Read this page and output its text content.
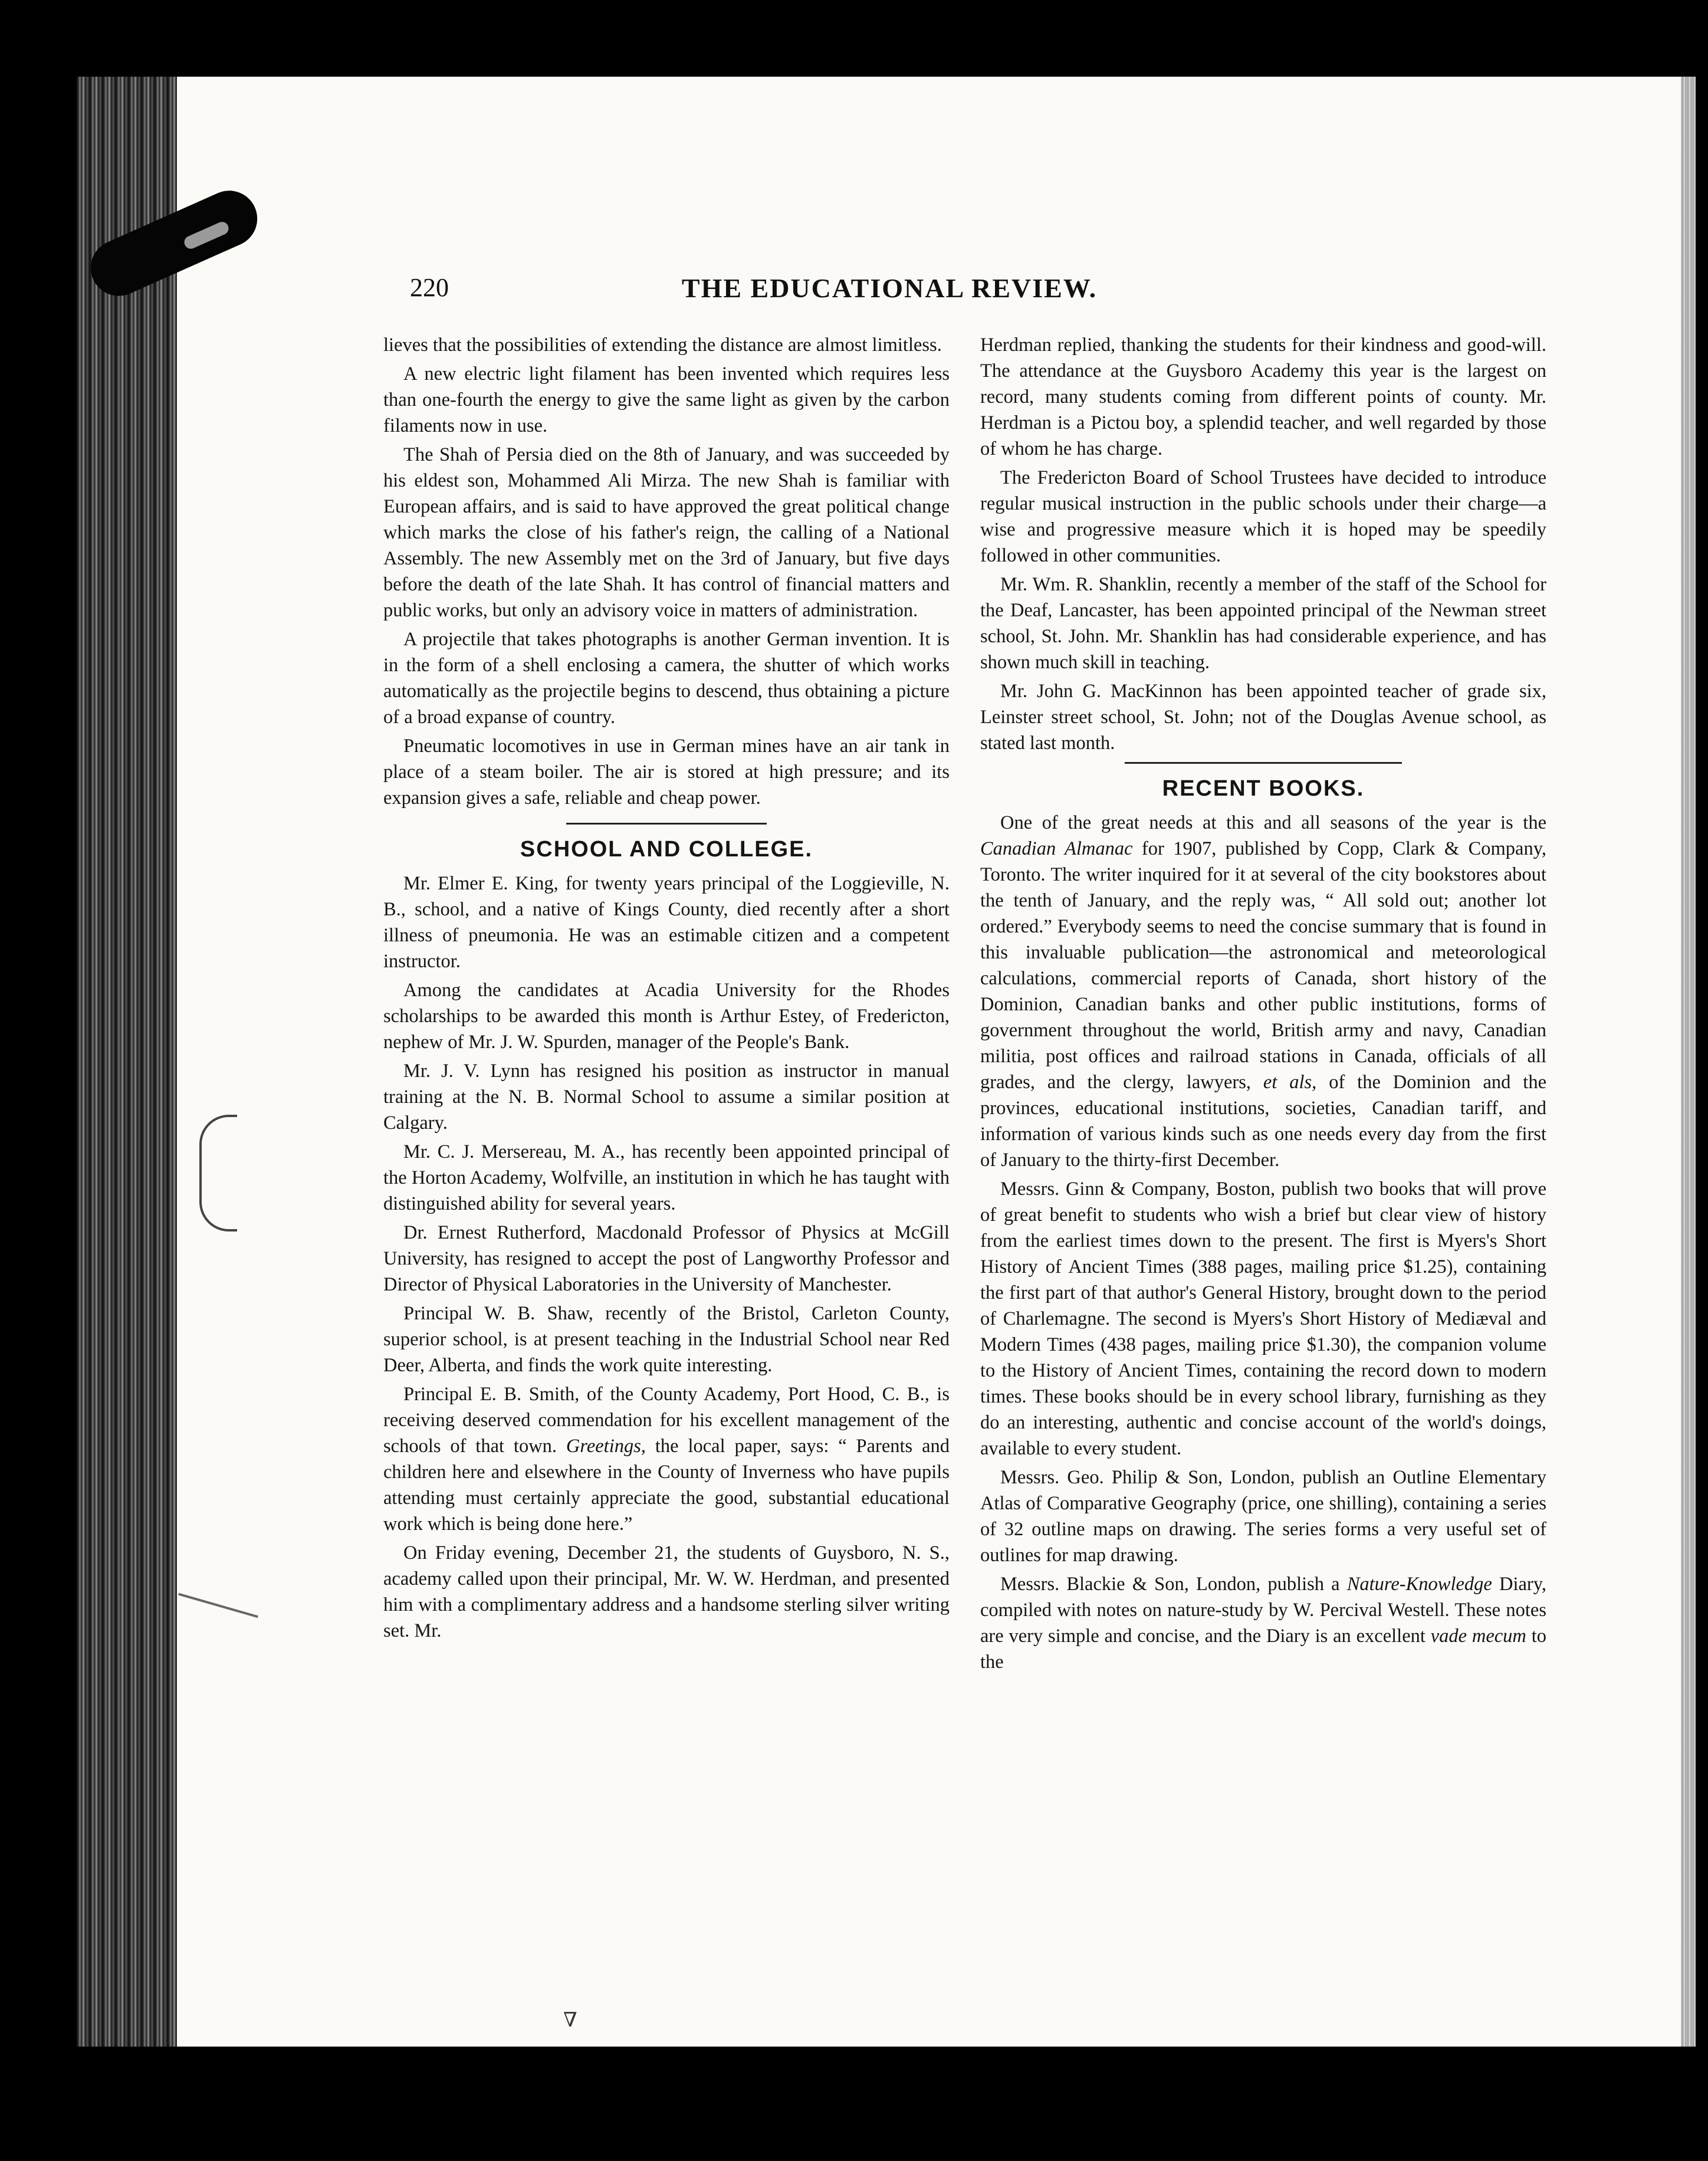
∇
220	THE EDUCATIONAL REVIEW.

lieves that the possibilities of extending the distance are almost limitless.

A new electric light filament has been invented which requires less than one-fourth the energy to give the same light as given by the carbon filaments now in use.

The Shah of Persia died on the 8th of January, and was succeeded by his eldest son, Mohammed Ali Mirza. The new Shah is familiar with European affairs, and is said to have approved the great political change which marks the close of his father's reign, the calling of a National Assembly. The new Assembly met on the 3rd of January, but five days before the death of the late Shah. It has control of financial matters and public works, but only an advisory voice in matters of administration.

A projectile that takes photographs is another German invention. It is in the form of a shell enclosing a camera, the shutter of which works automatically as the projectile begins to descend, thus obtaining a picture of a broad expanse of country.

Pneumatic locomotives in use in German mines have an air tank in place of a steam boiler. The air is stored at high pressure; and its expansion gives a safe, reliable and cheap power.

SCHOOL AND COLLEGE.

Mr. Elmer E. King, for twenty years principal of the Loggieville, N. B., school, and a native of Kings County, died recently after a short illness of pneumonia. He was an estimable citizen and a competent instructor.

Among the candidates at Acadia University for the Rhodes scholarships to be awarded this month is Arthur Estey, of Fredericton, nephew of Mr. J. W. Spurden, manager of the People's Bank.

Mr. J. V. Lynn has resigned his position as instructor in manual training at the N. B. Normal School to assume a similar position at Calgary.

Mr. C. J. Mersereau, M. A., has recently been appointed principal of the Horton Academy, Wolfville, an institution in which he has taught with distinguished ability for several years.

Dr. Ernest Rutherford, Macdonald Professor of Physics at McGill University, has resigned to accept the post of Langworthy Professor and Director of Physical Laboratories in the University of Manchester.

Principal W. B. Shaw, recently of the Bristol, Carleton County, superior school, is at present teaching in the Industrial School near Red Deer, Alberta, and finds the work quite interesting.

Principal E. B. Smith, of the County Academy, Port Hood, C. B., is receiving deserved commendation for his excellent management of the schools of that town. Greetings, the local paper, says: “ Parents and children here and elsewhere in the County of Inverness who have pupils attending must certainly appreciate the good, substantial educational work which is being done here.”

On Friday evening, December 21, the students of Guysboro, N. S., academy called upon their principal, Mr. W. W. Herdman, and presented him with a complimentary address and a handsome sterling silver writing set. Mr.

Herdman replied, thanking the students for their kindness and good-will. The attendance at the Guysboro Academy this year is the largest on record, many students coming from different points of county. Mr. Herdman is a Pictou boy, a splendid teacher, and well regarded by those of whom he has charge.

The Fredericton Board of School Trustees have decided to introduce regular musical instruction in the public schools under their charge—a wise and progressive measure which it is hoped may be speedily followed in other communities.

Mr. Wm. R. Shanklin, recently a member of the staff of the School for the Deaf, Lancaster, has been appointed principal of the Newman street school, St. John. Mr. Shanklin has had considerable experience, and has shown much skill in teaching.

Mr. John G. MacKinnon has been appointed teacher of grade six, Leinster street school, St. John; not of the Douglas Avenue school, as stated last month.

RECENT BOOKS.

One of the great needs at this and all seasons of the year is the Canadian Almanac for 1907, published by Copp, Clark & Company, Toronto. The writer inquired for it at several of the city bookstores about the tenth of January, and the reply was, “ All sold out; another lot ordered.” Everybody seems to need the concise summary that is found in this invaluable publication—the astronomical and meteorological calculations, commercial reports of Canada, short history of the Dominion, Canadian banks and other public institutions, forms of government throughout the world, British army and navy, Canadian militia, post offices and railroad stations in Canada, officials of all grades, and the clergy, lawyers, et als, of the Dominion and the provinces, educational institutions, societies, Canadian tariff, and information of various kinds such as one needs every day from the first of January to the thirty-first December.

Messrs. Ginn & Company, Boston, publish two books that will prove of great benefit to students who wish a brief but clear view of history from the earliest times down to the present. The first is Myers's Short History of Ancient Times (388 pages, mailing price $1.25), containing the first part of that author's General History, brought down to the period of Charlemagne. The second is Myers's Short History of Mediæval and Modern Times (438 pages, mailing price $1.30), the companion volume to the History of Ancient Times, containing the record down to modern times. These books should be in every school library, furnishing as they do an interesting, authentic and concise account of the world's doings, available to every student.

Messrs. Geo. Philip & Son, London, publish an Outline Elementary Atlas of Comparative Geography (price, one shilling), containing a series of 32 outline maps on drawing. The series forms a very useful set of outlines for map drawing.

Messrs. Blackie & Son, London, publish a Nature-Knowledge Diary, compiled with notes on nature-study by W. Percival Westell. These notes are very simple and concise, and the Diary is an excellent vade mecum to the
